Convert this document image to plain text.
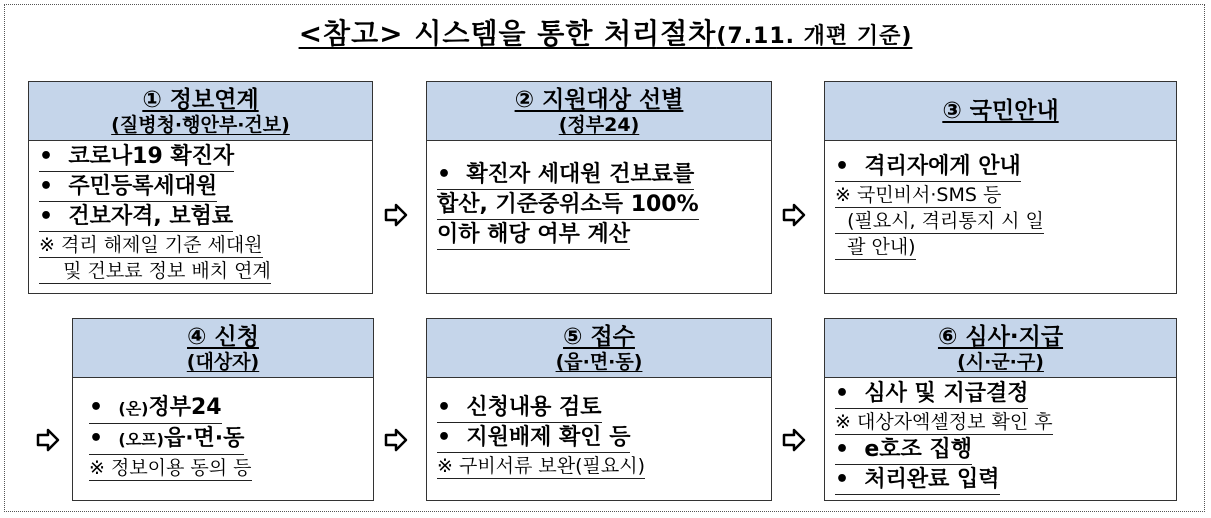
<참고> 시스템을 통한 처리절차(7.11. 개편 기준)
① 정보연계
(질병청·행안부·건보)
•  코로나19 확진자
•  주민등록세대원
•  건보자격, 보험료
※ 격리 해제일 기준 세대원
및 건보료 정보 배치 연계
② 지원대상 선별
(정부24)
•  확진자 세대원 건보료를
합산, 기준중위소득 100%
이하 해당 여부 계산
③ 국민안내
•  격리자에게 안내
※ 국민비서·SMS 등
(필요시, 격리통지 시 일
괄 안내)
④ 신청
(대상자)
•  (온)정부24
•  (오프)읍·면·동
※ 정보이용 동의 등
⑤ 접수
(읍·면·동)
•  신청내용 검토
•  지원배제 확인 등
※ 구비서류 보완(필요시)
⑥ 심사·지급
(시·군·구)
•  심사 및 지급결정
※ 대상자엑셀정보 확인 후
•  e호조 집행
•  처리완료 입력
